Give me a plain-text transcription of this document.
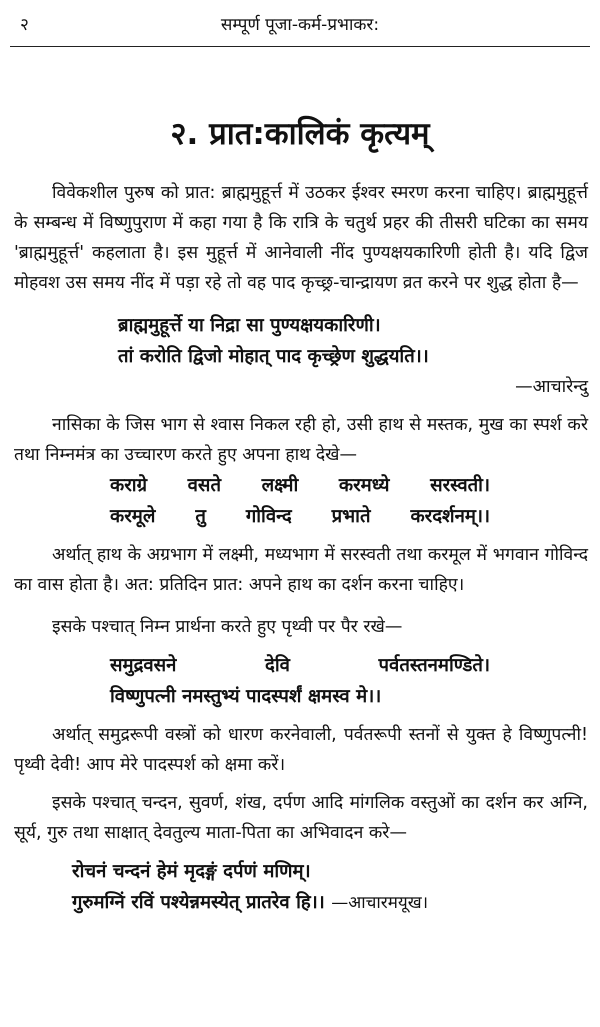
२	सम्पूर्ण पूजा-कर्म-प्रभाकर:
२. प्रात:कालिकं कृत्यम्

विवेकशील पुरुष को प्रात: ब्राह्ममुहूर्त्त में उठकर ईश्वर स्मरण करना चाहिए। ब्राह्ममुहूर्त्त के सम्बन्ध में विष्णुपुराण में कहा गया है कि रात्रि के चतुर्थ प्रहर की तीसरी घटिका का समय 'ब्राह्ममुहूर्त्त' कहलाता है। इस मुहूर्त्त में आनेवाली नींद पुण्यक्षयकारिणी होती है। यदि द्विज मोहवश उस समय नींद में पड़ा रहे तो वह पाद कृच्छ्र-चान्द्रायण व्रत करने पर शुद्ध होता है—

ब्राह्ममुहूर्त्ते या निद्रा सा पुण्यक्षयकारिणी।
तां करोति द्विजो मोहात् पाद कृच्छ्रेण शुद्धयति।।
—आचारेन्दु

नासिका के जिस भाग से श्वास निकल रही हो, उसी हाथ से मस्तक, मुख का स्पर्श करे तथा निम्नमंत्र का उच्चारण करते हुए अपना हाथ देखे—

कराग्रे वसते लक्ष्मी करमध्ये सरस्वती।
करमूले तु गोविन्द प्रभाते करदर्शनम्।।

अर्थात् हाथ के अग्रभाग में लक्ष्मी, मध्यभाग में सरस्वती तथा करमूल में भगवान गोविन्द का वास होता है। अत: प्रतिदिन प्रात: अपने हाथ का दर्शन करना चाहिए।

इसके पश्चात् निम्न प्रार्थना करते हुए पृथ्वी पर पैर रखे—

समुद्रवसने देवि पर्वतस्तनमण्डिते।
विष्णुपत्नी नमस्तुभ्यं पादस्पर्शं क्षमस्व मे।।

अर्थात् समुद्ररूपी वस्त्रों को धारण करनेवाली, पर्वतरूपी स्तनों से युक्त हे विष्णुपत्नी! पृथ्वी देवी! आप मेरे पादस्पर्श को क्षमा करें।

इसके पश्चात् चन्दन, सुवर्ण, शंख, दर्पण आदि मांगलिक वस्तुओं का दर्शन कर अग्नि, सूर्य, गुरु तथा साक्षात् देवतुल्य माता-पिता का अभिवादन करे—

रोचनं चन्दनं हेमं मृदङ्गं दर्पणं मणिम्।
गुरुमग्निं रविं पश्येन्नमस्येत् प्रातरेव हि।। —आचारमयूख।
